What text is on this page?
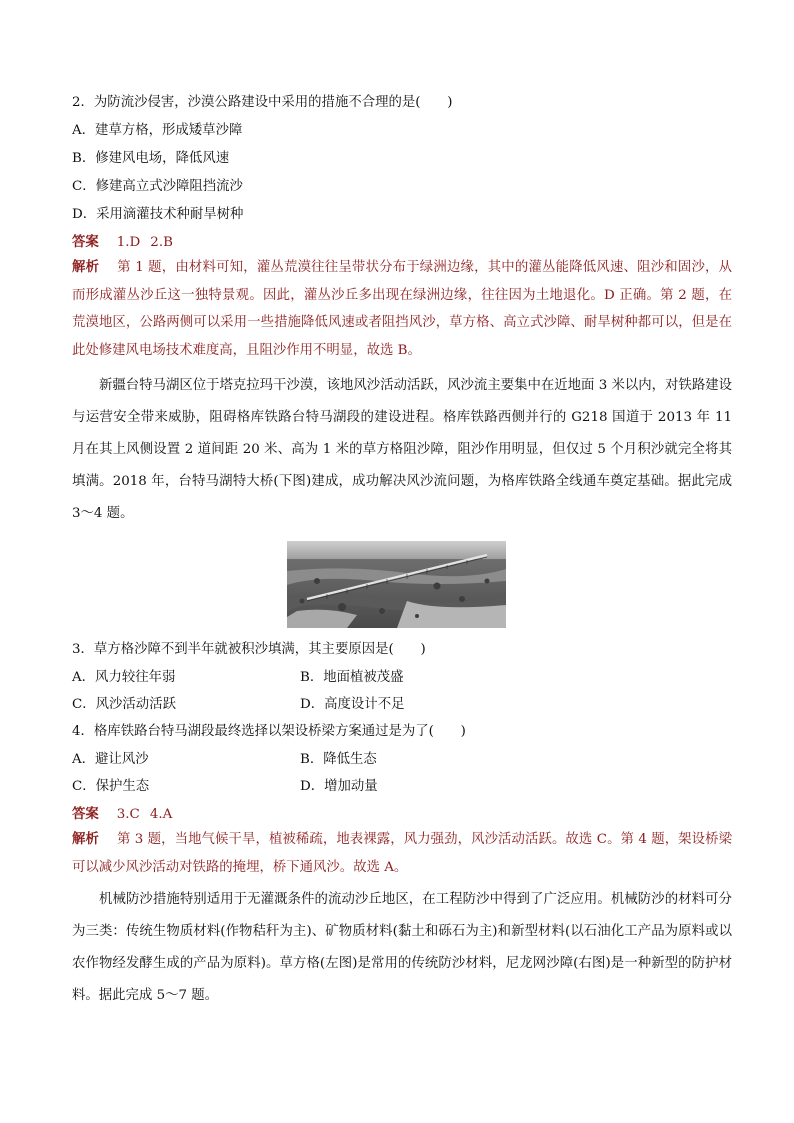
2．为防流沙侵害，沙漠公路建设中采用的措施不合理的是(　　)
A．建草方格，形成矮草沙障
B．修建风电场，降低风速
C．修建高立式沙障阻挡流沙
D．采用滴灌技术种耐旱树种
答案 1.D 2.B
解析 第 1 题，由材料可知，灌丛荒漠往往呈带状分布于绿洲边缘，其中的灌丛能降低风速、阻沙和固沙，从而形成灌丛沙丘这一独特景观。因此，灌丛沙丘多出现在绿洲边缘，往往因为土地退化。D 正确。第 2 题，在荒漠地区，公路两侧可以采用一些措施降低风速或者阻挡风沙，草方格、高立式沙障、耐旱树种都可以，但是在此处修建风电场技术难度高，且阻沙作用不明显，故选 B。
新疆台特马湖区位于塔克拉玛干沙漠，该地风沙活动活跃，风沙流主要集中在近地面 3 米以内，对铁路建设与运营安全带来威胁，阻碍格库铁路台特马湖段的建设进程。格库铁路西侧并行的 G218 国道于 2013 年 11 月在其上风侧设置 2 道间距 20 米、高为 1 米的草方格阻沙障，阻沙作用明显，但仅过 5 个月积沙就完全将其填满。2018 年，台特马湖特大桥(下图)建成，成功解决风沙流问题，为格库铁路全线通车奠定基础。据此完成 3～4 题。
3．草方格沙障不到半年就被积沙填满，其主要原因是(　　)
A．风力较往年弱	B．地面植被茂盛
C．风沙活动活跃	D．高度设计不足
4．格库铁路台特马湖段最终选择以架设桥梁方案通过是为了(　　)
A．避让风沙	B．降低生态
C．保护生态	D．增加动量
答案 3.C 4.A
解析 第 3 题，当地气候干旱，植被稀疏，地表裸露，风力强劲，风沙活动活跃。故选 C。第 4 题，架设桥梁可以减少风沙活动对铁路的掩埋，桥下通风沙。故选 A。
机械防沙措施特别适用于无灌溉条件的流动沙丘地区，在工程防沙中得到了广泛应用。机械防沙的材料可分为三类：传统生物质材料(作物秸秆为主)、矿物质材料(黏土和砾石为主)和新型材料(以石油化工产品为原料或以农作物经发酵生成的产品为原料)。草方格(左图)是常用的传统防沙材料，尼龙网沙障(右图)是一种新型的防护材料。据此完成 5～7 题。
